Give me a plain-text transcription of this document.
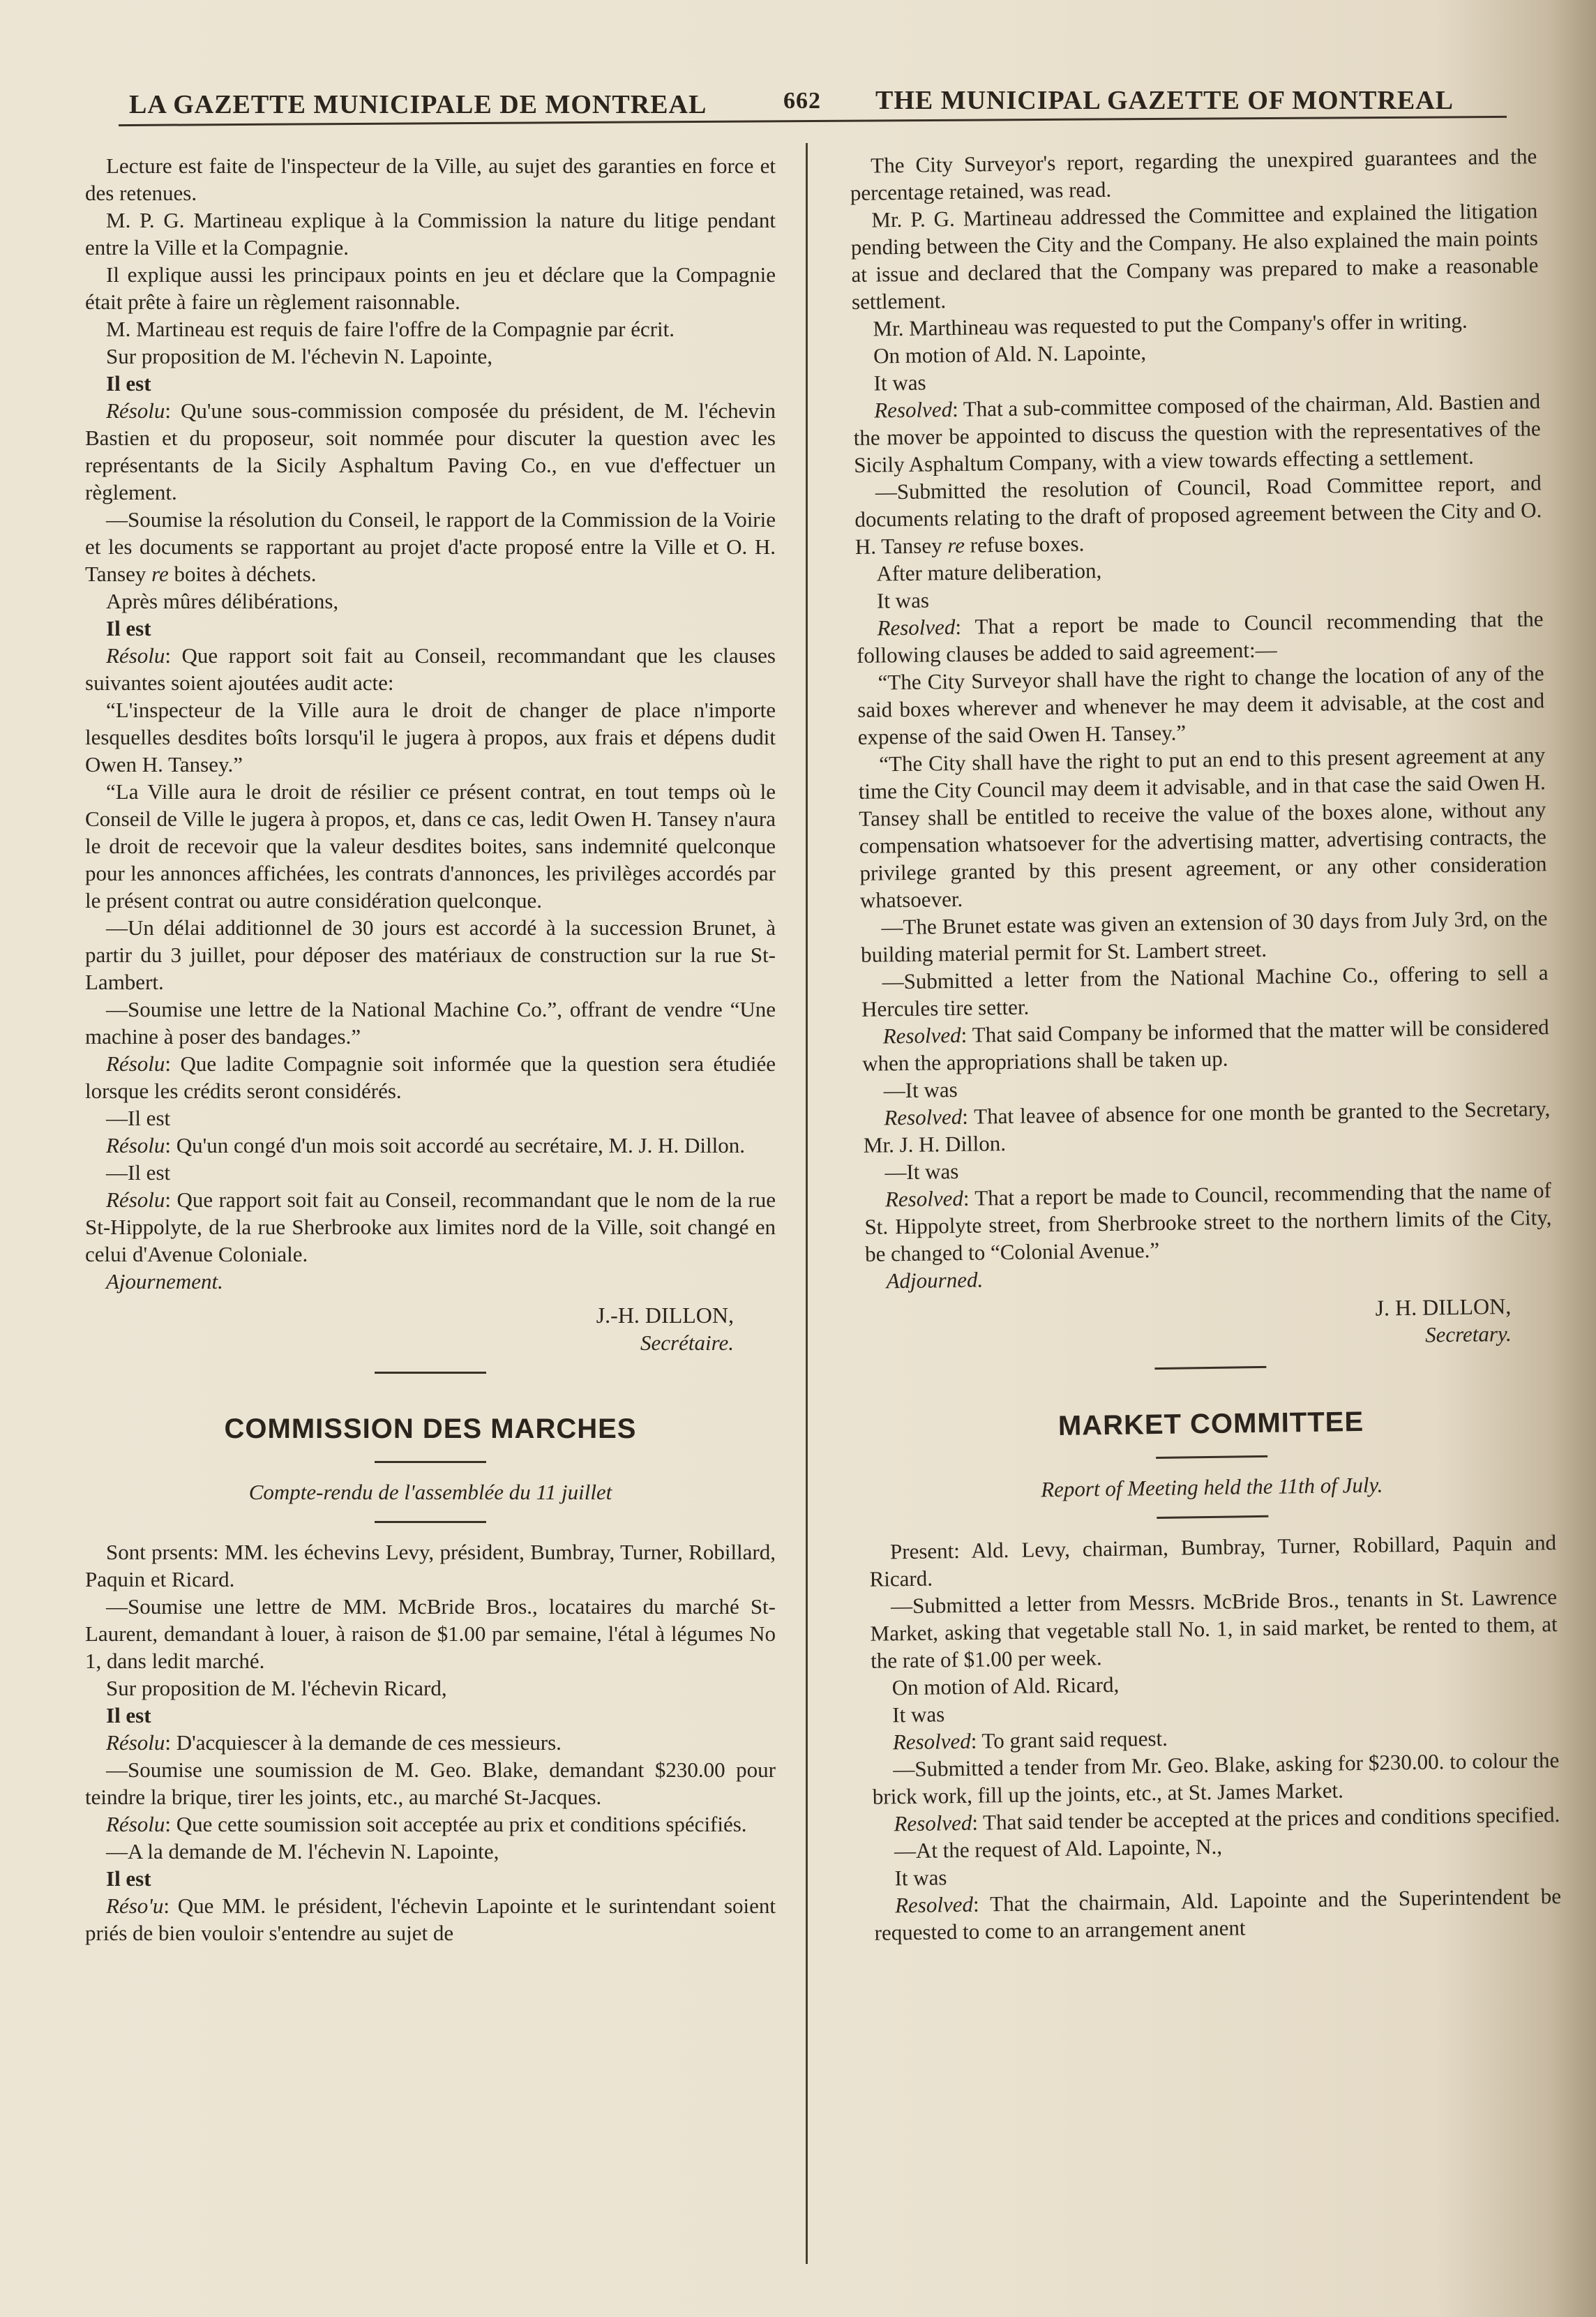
LA GAZETTE MUNICIPALE DE MONTREAL	662 THE MUNICIPAL GAZETTE OF MONTREAL

Lecture est faite de l'inspecteur de la Ville, au sujet des garanties en force et des retenues.

M. P. G. Martineau explique à la Commission la nature du litige pendant entre la Ville et la Compagnie.

Il explique aussi les principaux points en jeu et déclare que la Compagnie était prête à faire un règlement raisonnable.

M. Martineau est requis de faire l'offre de la Compagnie par écrit.

Sur proposition de M. l'échevin N. Lapointe,

Il est

Résolu: Qu'une sous-commission composée du président, de M. l'échevin Bastien et du proposeur, soit nommée pour discuter la question avec les représentants de la Sicily Asphaltum Paving Co., en vue d'effectuer un règlement.

—Soumise la résolution du Conseil, le rapport de la Commission de la Voirie et les documents se rapportant au projet d'acte proposé entre la Ville et O. H. Tansey re boites à déchets.

Après mûres délibérations,

Il est

Résolu: Que rapport soit fait au Conseil, recommandant que les clauses suivantes soient ajoutées audit acte:

“L'inspecteur de la Ville aura le droit de changer de place n'importe lesquelles desdites boîts lorsqu'il le jugera à propos, aux frais et dépens dudit Owen H. Tansey.”

“La Ville aura le droit de résilier ce présent contrat, en tout temps où le Conseil de Ville le jugera à propos, et, dans ce cas, ledit Owen H. Tansey n'aura le droit de recevoir que la valeur desdites boites, sans indemnité quelconque pour les annonces affichées, les contrats d'annonces, les privilèges accordés par le présent contrat ou autre considération quelconque.

—Un délai additionnel de 30 jours est accordé à la succession Brunet, à partir du 3 juillet, pour déposer des matériaux de construction sur la rue St-Lambert.

—Soumise une lettre de la National Machine Co.”, offrant de vendre “Une machine à poser des bandages.”

Résolu: Que ladite Compagnie soit informée que la question sera étudiée lorsque les crédits seront considérés.

—Il est

Résolu: Qu'un congé d'un mois soit accordé au secrétaire, M. J. H. Dillon.

—Il est

Résolu: Que rapport soit fait au Conseil, recommandant que le nom de la rue St-Hippolyte, de la rue Sherbrooke aux limites nord de la Ville, soit changé en celui d'Avenue Coloniale.

Ajournement.

J.-H. DILLON,
Secrétaire.
COMMISSION DES MARCHES
Compte-rendu de l'assemblée du 11 juillet

Sont prsents: MM. les échevins Levy, président, Bumbray, Turner, Robillard, Paquin et Ricard.

—Soumise une lettre de MM. McBride Bros., locataires du marché St-Laurent, demandant à louer, à raison de $1.00 par semaine, l'étal à légumes No 1, dans ledit marché.

Sur proposition de M. l'échevin Ricard,

Il est

Résolu: D'acquiescer à la demande de ces messieurs.

—Soumise une soumission de M. Geo. Blake, demandant $230.00 pour teindre la brique, tirer les joints, etc., au marché St-Jacques.

Résolu: Que cette soumission soit acceptée au prix et conditions spécifiés.

—A la demande de M. l'échevin N. Lapointe,

Il est

Réso'u: Que MM. le président, l'échevin Lapointe et le surintendant soient priés de bien vouloir s'entendre au sujet de

The City Surveyor's report, regarding the unexpired guarantees and the percentage retained, was read.

Mr. P. G. Martineau addressed the Committee and explained the litigation pending between the City and the Company. He also explained the main points at issue and declared that the Company was prepared to make a reasonable settlement.

Mr. Marthineau was requested to put the Company's offer in writing.

On motion of Ald. N. Lapointe,

It was

Resolved: That a sub-committee composed of the chairman, Ald. Bastien and the mover be appointed to discuss the question with the representatives of the Sicily Asphaltum Company, with a view towards effecting a settlement.

—Submitted the resolution of Council, Road Committee report, and documents relating to the draft of proposed agreement between the City and O. H. Tansey re refuse boxes.

After mature deliberation,

It was

Resolved: That a report be made to Council recommending that the following clauses be added to said agreement:—

“The City Surveyor shall have the right to change the location of any of the said boxes wherever and whenever he may deem it advisable, at the cost and expense of the said Owen H. Tansey.”

“The City shall have the right to put an end to this present agreement at any time the City Council may deem it advisable, and in that case the said Owen H. Tansey shall be entitled to receive the value of the boxes alone, without any compensation whatsoever for the advertising matter, advertising contracts, the privilege granted by this present agreement, or any other consideration whatsoever.

—The Brunet estate was given an extension of 30 days from July 3rd, on the building material permit for St. Lambert street.

—Submitted a letter from the National Machine Co., offering to sell a Hercules tire setter.

Resolved: That said Company be informed that the matter will be considered when the appropriations shall be taken up.

—It was

Resolved: That leavee of absence for one month be granted to the Secretary, Mr. J. H. Dillon.

—It was

Resolved: That a report be made to Council, recommending that the name of St. Hippolyte street, from Sherbrooke street to the northern limits of the City, be changed to “Colonial Avenue.”

Adjourned.

J. H. DILLON,
Secretary.
MARKET COMMITTEE
Report of Meeting held the 11th of July.

Present: Ald. Levy, chairman, Bumbray, Turner, Robillard, Paquin and Ricard.

—Submitted a letter from Messrs. McBride Bros., tenants in St. Lawrence Market, asking that vegetable stall No. 1, in said market, be rented to them, at the rate of $1.00 per week.

On motion of Ald. Ricard,

It was

Resolved: To grant said request.

—Submitted a tender from Mr. Geo. Blake, asking for $230.00. to colour the brick work, fill up the joints, etc., at St. James Market.

Resolved: That said tender be accepted at the prices and conditions specified.

—At the request of Ald. Lapointe, N.,

It was

Resolved: That the chairmain, Ald. Lapointe and the Superintendent be requested to come to an arrangement anent
